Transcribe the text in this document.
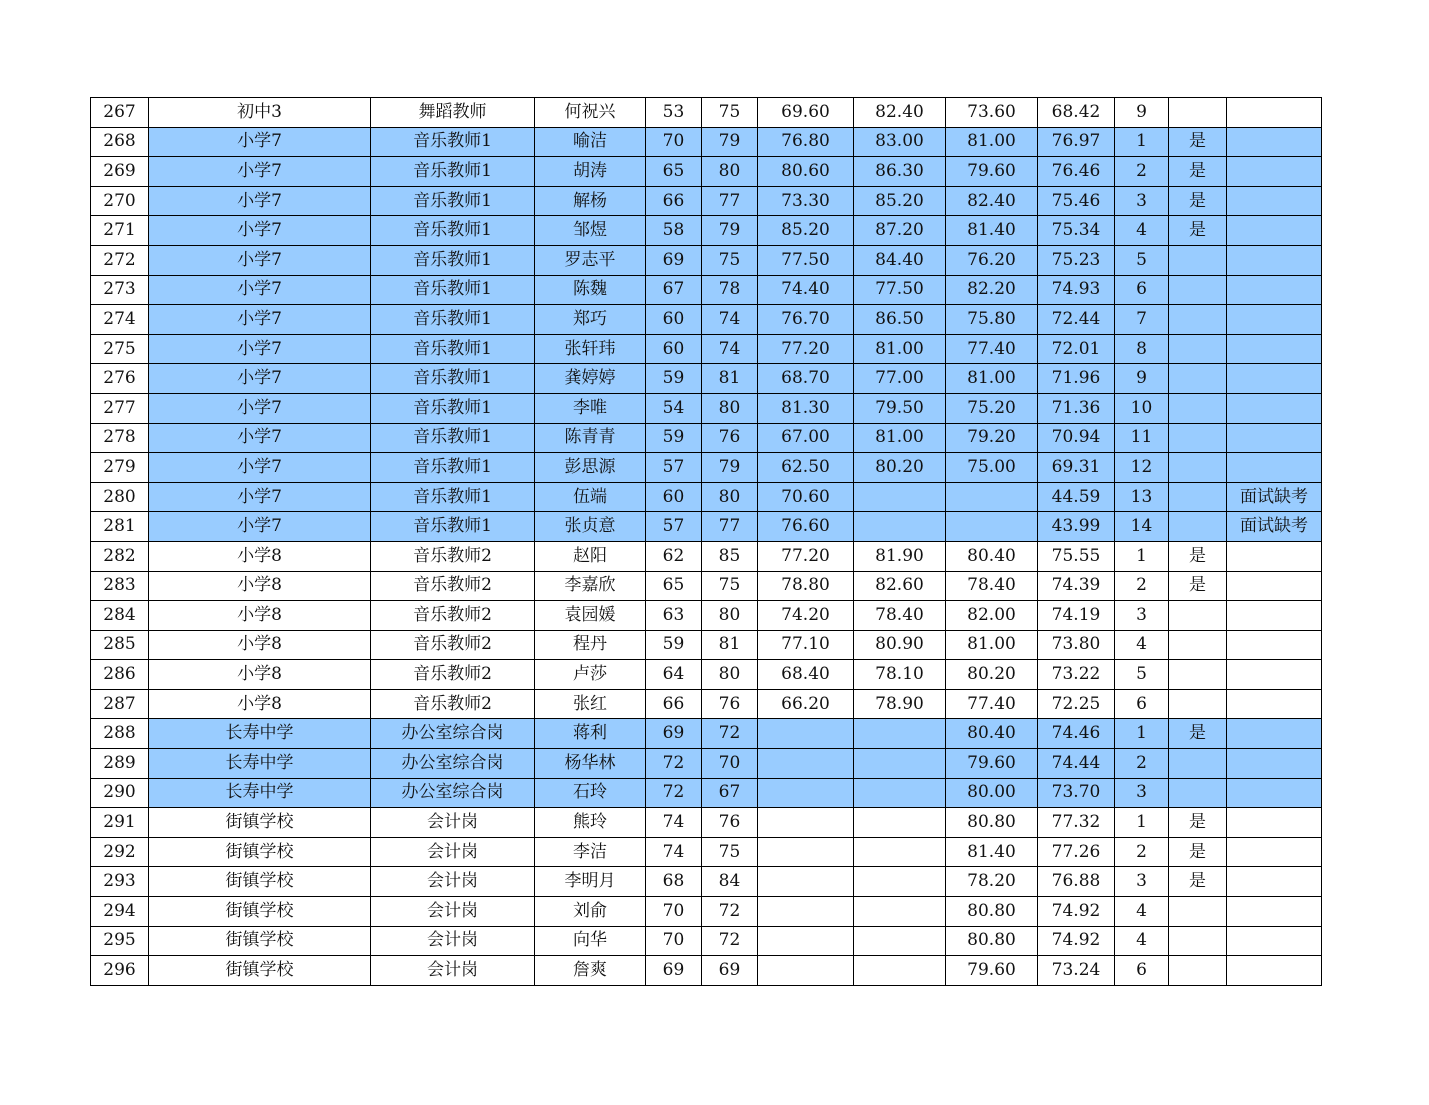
267	初中3	舞蹈教师	何祝兴	53	75	69.60	82.40	73.60	68.42	9		
268	小学7	音乐教师1	喻洁	70	79	76.80	83.00	81.00	76.97	1	是	
269	小学7	音乐教师1	胡涛	65	80	80.60	86.30	79.60	76.46	2	是	
270	小学7	音乐教师1	解杨	66	77	73.30	85.20	82.40	75.46	3	是	
271	小学7	音乐教师1	邹煜	58	79	85.20	87.20	81.40	75.34	4	是	
272	小学7	音乐教师1	罗志平	69	75	77.50	84.40	76.20	75.23	5		
273	小学7	音乐教师1	陈魏	67	78	74.40	77.50	82.20	74.93	6		
274	小学7	音乐教师1	郑巧	60	74	76.70	86.50	75.80	72.44	7		
275	小学7	音乐教师1	张轩玮	60	74	77.20	81.00	77.40	72.01	8		
276	小学7	音乐教师1	龚婷婷	59	81	68.70	77.00	81.00	71.96	9		
277	小学7	音乐教师1	李唯	54	80	81.30	79.50	75.20	71.36	10		
278	小学7	音乐教师1	陈青青	59	76	67.00	81.00	79.20	70.94	11		
279	小学7	音乐教师1	彭思源	57	79	62.50	80.20	75.00	69.31	12		
280	小学7	音乐教师1	伍端	60	80	70.60			44.59	13		面试缺考
281	小学7	音乐教师1	张贞意	57	77	76.60			43.99	14		面试缺考
282	小学8	音乐教师2	赵阳	62	85	77.20	81.90	80.40	75.55	1	是	
283	小学8	音乐教师2	李嘉欣	65	75	78.80	82.60	78.40	74.39	2	是	
284	小学8	音乐教师2	袁园媛	63	80	74.20	78.40	82.00	74.19	3		
285	小学8	音乐教师2	程丹	59	81	77.10	80.90	81.00	73.80	4		
286	小学8	音乐教师2	卢莎	64	80	68.40	78.10	80.20	73.22	5		
287	小学8	音乐教师2	张红	66	76	66.20	78.90	77.40	72.25	6		
288	长寿中学	办公室综合岗	蒋利	69	72			80.40	74.46	1	是	
289	长寿中学	办公室综合岗	杨华林	72	70			79.60	74.44	2		
290	长寿中学	办公室综合岗	石玲	72	67			80.00	73.70	3		
291	街镇学校	会计岗	熊玲	74	76			80.80	77.32	1	是	
292	街镇学校	会计岗	李洁	74	75			81.40	77.26	2	是	
293	街镇学校	会计岗	李明月	68	84			78.20	76.88	3	是	
294	街镇学校	会计岗	刘俞	70	72			80.80	74.92	4		
295	街镇学校	会计岗	向华	70	72			80.80	74.92	4		
296	街镇学校	会计岗	詹爽	69	69			79.60	73.24	6		
